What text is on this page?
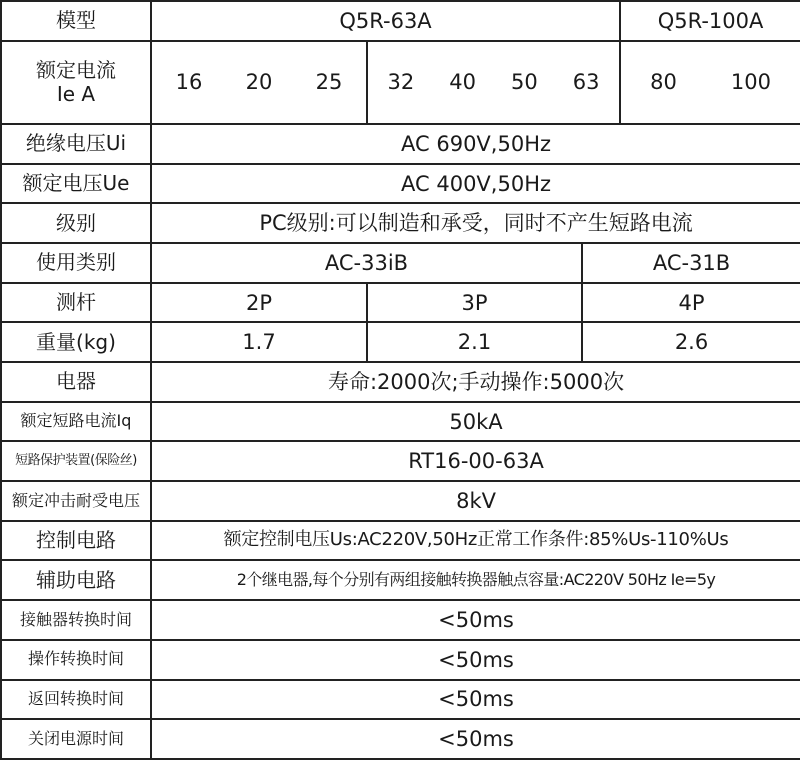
模型	Q5R-63A			Q5R-100A

额定电流
Ie A	16 20 25	32 40 50 63		80 100

绝缘电压Ui	AC 690V,50Hz			
额定电压Ue	AC 400V,50Hz			
级别	PC级别:可以制造和承受，同时不产生短路电流			
使用类别	AC-33iB		AC-31B	
测杆	2P	3P	4P	
重量(kg)	1.7	2.1	2.6	
电器	寿命:2000次;手动操作:5000次			
额定短路电流Iq	50kA			
短路保护装置(保险丝)	RT16-00-63A			
额定冲击耐受电压	8kV			
控制电路	额定控制电压Us:AC220V,50Hz正常工作条件:85%Us-110%Us			
辅助电路	2个继电器,每个分别有两组接触转换器触点容量:AC220V 50Hz Ie=5y			
接触器转换时间	<50ms			
操作转换时间	<50ms			
返回转换时间	<50ms			
关闭电源时间	<50ms			
